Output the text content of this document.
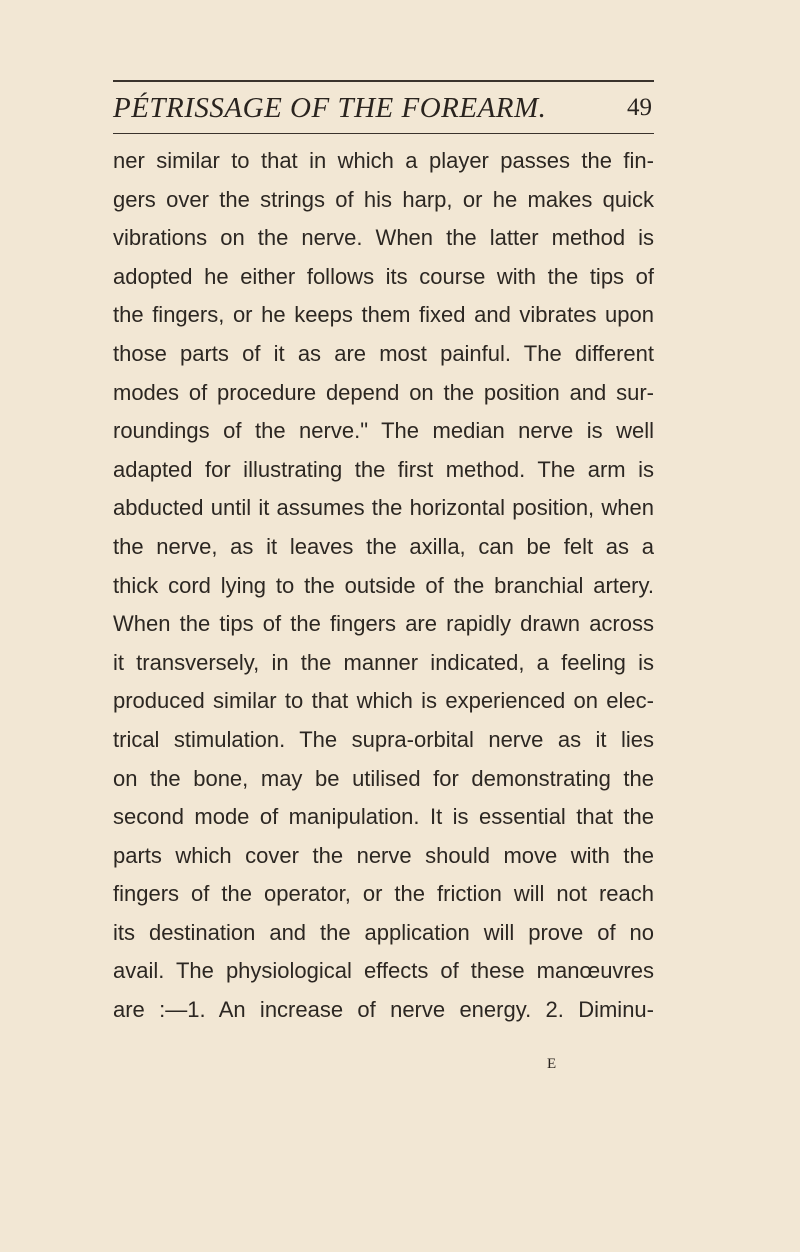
PÉTRISSAGE OF THE FOREARM.	49
ner similar to that in which a player passes the fin-
gers over the strings of his harp, or he makes quick
vibrations on the nerve. When the latter method is
adopted he either follows its course with the tips of
the fingers, or he keeps them fixed and vibrates upon
those parts of it as are most painful. The different
modes of procedure depend on the position and sur-
roundings of the nerve." The median nerve is well
adapted for illustrating the first method. The arm is
abducted until it assumes the horizontal position, when
the nerve, as it leaves the axilla, can be felt as a
thick cord lying to the outside of the branchial artery.
When the tips of the fingers are rapidly drawn across
it transversely, in the manner indicated, a feeling is
produced similar to that which is experienced on elec-
trical stimulation. The supra-orbital nerve as it lies
on the bone, may be utilised for demonstrating the
second mode of manipulation. It is essential that the
parts which cover the nerve should move with the
fingers of the operator, or the friction will not reach
its destination and the application will prove of no
avail. The physiological effects of these manœuvres
are :—1. An increase of nerve energy. 2. Diminu-
E
